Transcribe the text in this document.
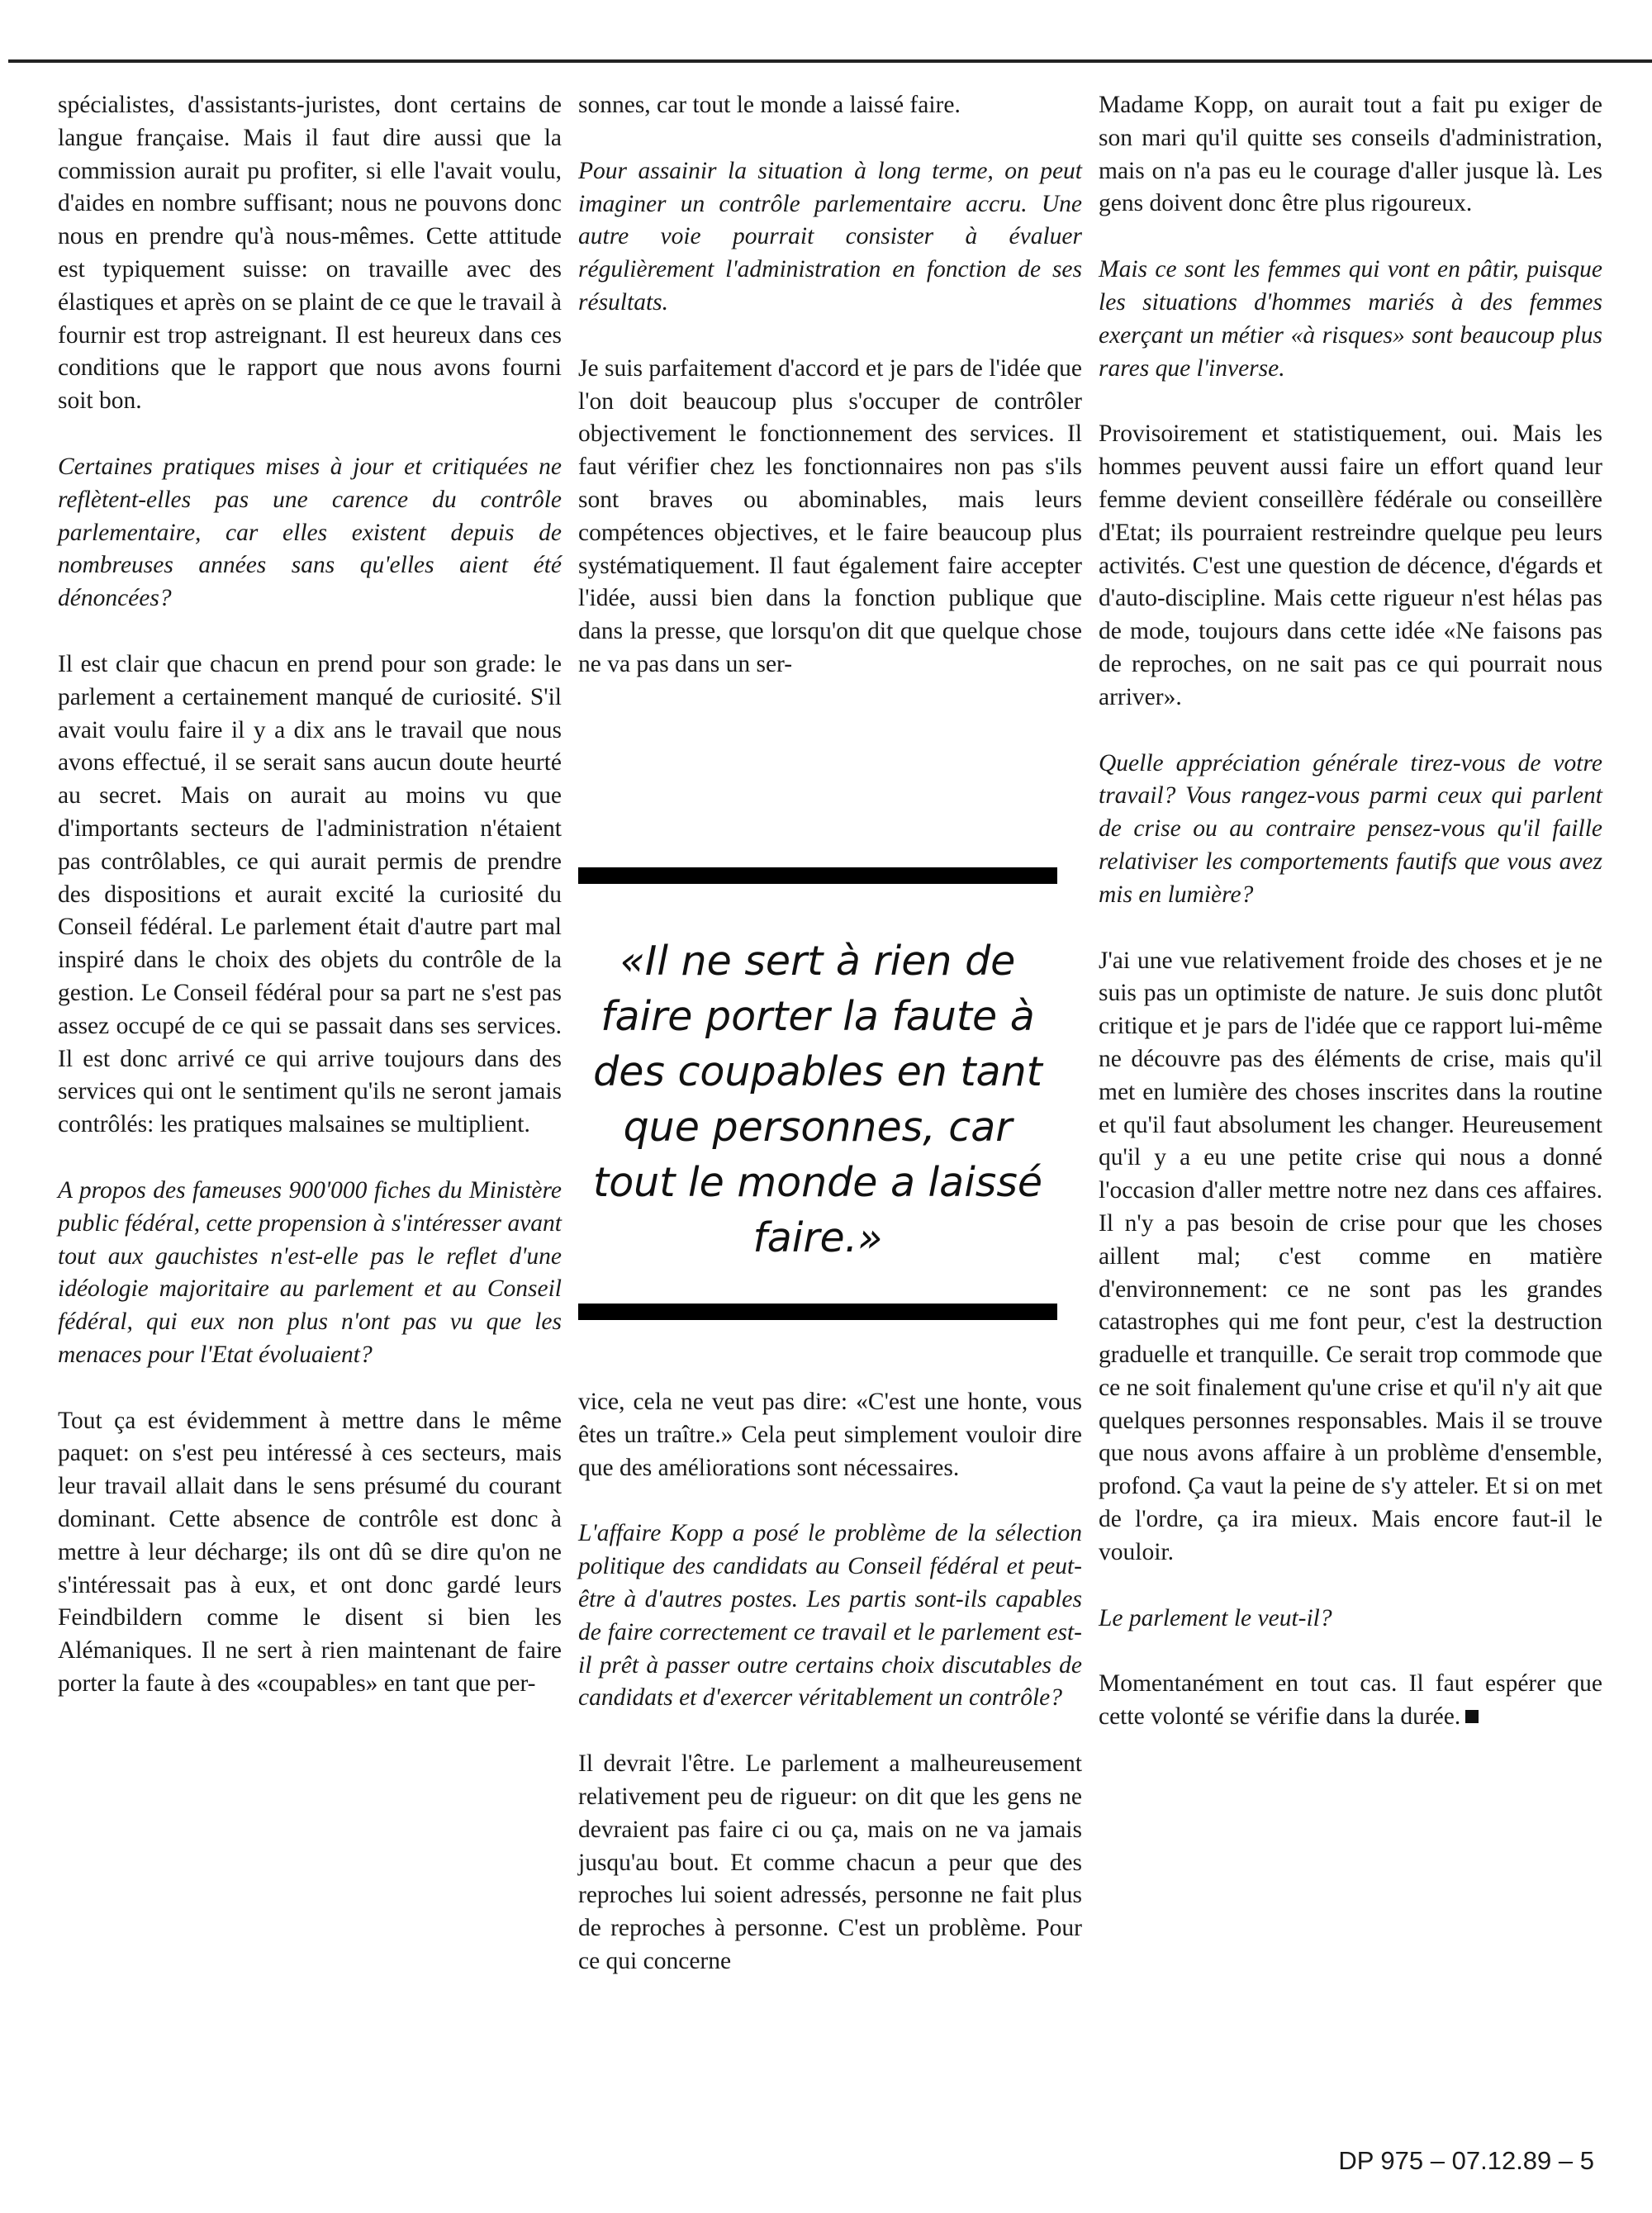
spécialistes, d'assistants-juristes, dont certains de langue française. Mais il faut dire aussi que la commission aurait pu profiter, si elle l'avait voulu, d'aides en nombre suffisant; nous ne pouvons donc nous en prendre qu'à nous-mêmes. Cette attitude est typiquement suisse: on travaille avec des élastiques et après on se plaint de ce que le travail à fournir est trop astreignant. Il est heureux dans ces conditions que le rapport que nous avons fourni soit bon.

Certaines pratiques mises à jour et critiquées ne reflètent-elles pas une carence du contrôle parlementaire, car elles existent depuis de nombreuses années sans qu'elles aient été dénoncées?

Il est clair que chacun en prend pour son grade: le parlement a certainement manqué de curiosité. S'il avait voulu faire il y a dix ans le travail que nous avons effectué, il se serait sans aucun doute heurté au secret. Mais on aurait au moins vu que d'importants secteurs de l'administration n'étaient pas contrôlables, ce qui aurait permis de prendre des dispositions et aurait excité la curiosité du Conseil fédéral. Le parlement était d'autre part mal inspiré dans le choix des objets du contrôle de la gestion. Le Conseil fédéral pour sa part ne s'est pas assez occupé de ce qui se passait dans ses services. Il est donc arrivé ce qui arrive toujours dans des services qui ont le sentiment qu'ils ne seront jamais contrôlés: les pratiques malsaines se multiplient.

A propos des fameuses 900'000 fiches du Ministère public fédéral, cette propension à s'intéresser avant tout aux gauchistes n'est-elle pas le reflet d'une idéologie majoritaire au parlement et au Conseil fédéral, qui eux non plus n'ont pas vu que les menaces pour l'Etat évoluaient?

Tout ça est évidemment à mettre dans le même paquet: on s'est peu intéressé à ces secteurs, mais leur travail allait dans le sens présumé du courant dominant. Cette absence de contrôle est donc à mettre à leur décharge; ils ont dû se dire qu'on ne s'intéressait pas à eux, et ont donc gardé leurs Feindbildern comme le disent si bien les Alémaniques. Il ne sert à rien maintenant de faire porter la faute à des «coupables» en tant que per-

sonnes, car tout le monde a laissé faire.

Pour assainir la situation à long terme, on peut imaginer un contrôle parlementaire accru. Une autre voie pourrait consister à évaluer régulièrement l'administration en fonction de ses résultats.

Je suis parfaitement d'accord et je pars de l'idée que l'on doit beaucoup plus s'occuper de contrôler objectivement le fonctionnement des services. Il faut vérifier chez les fonctionnaires non pas s'ils sont braves ou abominables, mais leurs compétences objectives, et le faire beaucoup plus systématiquement. Il faut également faire accepter l'idée, aussi bien dans la fonction publique que dans la presse, que lorsqu'on dit que quelque chose ne va pas dans un ser-

vice, cela ne veut pas dire: «C'est une honte, vous êtes un traître.» Cela peut simplement vouloir dire que des améliorations sont nécessaires.

L'affaire Kopp a posé le problème de la sélection politique des candidats au Conseil fédéral et peut-être à d'autres postes. Les partis sont-ils capables de faire correctement ce travail et le parlement est-il prêt à passer outre certains choix discutables de candidats et d'exercer véritablement un contrôle?

Il devrait l'être. Le parlement a malheureusement relativement peu de rigueur: on dit que les gens ne devraient pas faire ci ou ça, mais on ne va jamais jusqu'au bout. Et comme chacun a peur que des reproches lui soient adressés, personne ne fait plus de reproches à personne. C'est un problème. Pour ce qui concerne

«Il ne sert à rien de faire porter la faute à des coupables en tant que personnes, car tout le monde a laissé faire.»

Madame Kopp, on aurait tout a fait pu exiger de son mari qu'il quitte ses conseils d'administration, mais on n'a pas eu le courage d'aller jusque là. Les gens doivent donc être plus rigoureux.

Mais ce sont les femmes qui vont en pâtir, puisque les situations d'hommes mariés à des femmes exerçant un métier «à risques» sont beaucoup plus rares que l'inverse.

Provisoirement et statistiquement, oui. Mais les hommes peuvent aussi faire un effort quand leur femme devient conseillère fédérale ou conseillère d'Etat; ils pourraient restreindre quelque peu leurs activités. C'est une question de décence, d'égards et d'auto-discipline. Mais cette rigueur n'est hélas pas de mode, toujours dans cette idée «Ne faisons pas de reproches, on ne sait pas ce qui pourrait nous arriver».

Quelle appréciation générale tirez-vous de votre travail? Vous rangez-vous parmi ceux qui parlent de crise ou au contraire pensez-vous qu'il faille relativiser les comportements fautifs que vous avez mis en lumière?

J'ai une vue relativement froide des choses et je ne suis pas un optimiste de nature. Je suis donc plutôt critique et je pars de l'idée que ce rapport lui-même ne découvre pas des éléments de crise, mais qu'il met en lumière des choses inscrites dans la routine et qu'il faut absolument les changer. Heureusement qu'il y a eu une petite crise qui nous a donné l'occasion d'aller mettre notre nez dans ces affaires. Il n'y a pas besoin de crise pour que les choses aillent mal; c'est comme en matière d'environnement: ce ne sont pas les grandes catastrophes qui me font peur, c'est la destruction graduelle et tranquille. Ce serait trop commode que ce ne soit finalement qu'une crise et qu'il n'y ait que quelques personnes responsables. Mais il se trouve que nous avons affaire à un problème d'ensemble, profond. Ça vaut la peine de s'y atteler. Et si on met de l'ordre, ça ira mieux. Mais encore faut-il le vouloir.

Le parlement le veut-il?

Momentanément en tout cas. Il faut espérer que cette volonté se vérifie dans la durée.

DP 975 – 07.12.89 – 5
